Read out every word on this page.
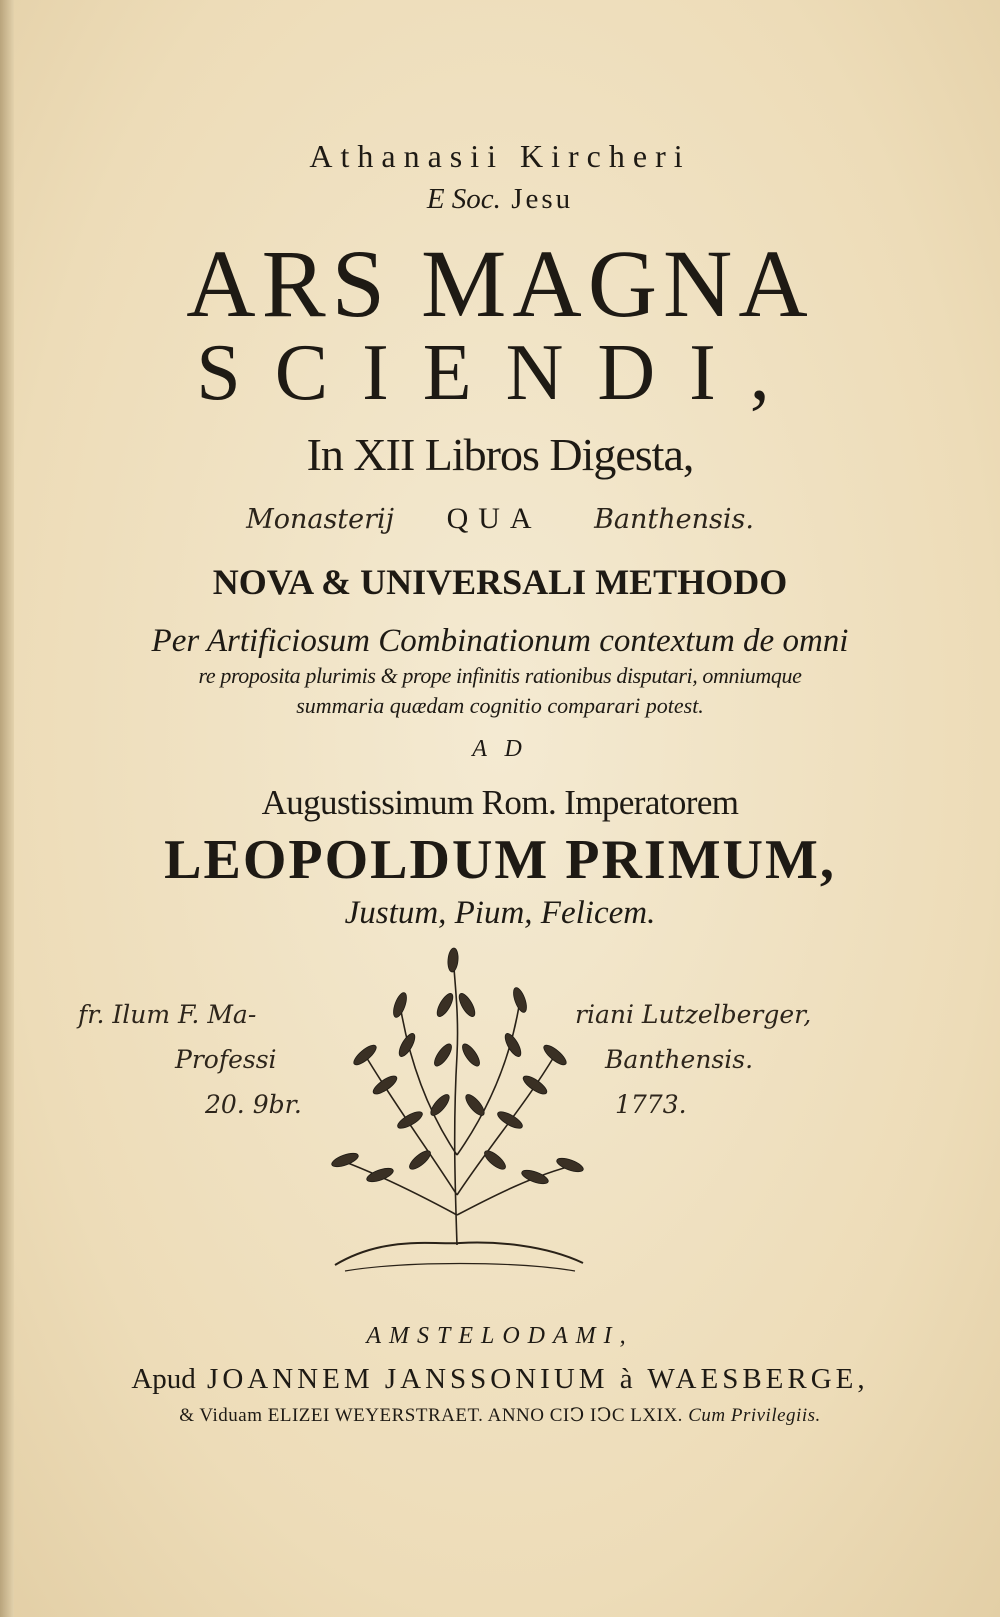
Athanasii Kircheri
E Soc. Jesu
ARS MAGNA
SCIENDI,
In XII Libros Digesta,
Monasterij QUA Banthensis.
NOVA & UNIVERSALI METHODO
Per Artificiosum Combinationum contextum de omni
re proposita plurimis & prope infinitis rationibus disputari, omniumque
summaria quædam cognitio comparari potest.
A D
Augustissimum Rom. Imperatorem
LEOPOLDUM PRIMUM,
Justum, Pium, Felicem.
fr. Ilum F. Ma-
Professi
20. 9br.
riani Lutzelberger,
Banthensis.
1773.
AMSTELODAMI,
Apud JOANNEM JANSSONIUM à WAESBERGE,
& Viduam ELIZEI WEYERSTRAET. ANNO CIↃ IↃC LXIX. Cum Privilegiis.
